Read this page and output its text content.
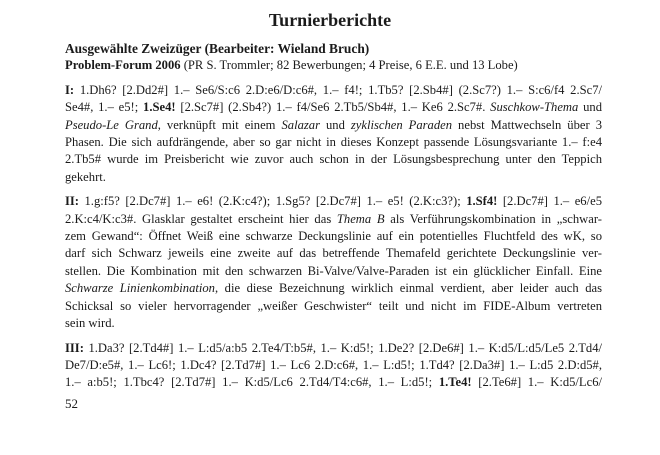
Turnierberichte
Ausgewählte Zweizüger (Bearbeiter: Wieland Bruch)
Problem-Forum 2006 (PR S. Trommler; 82 Bewerbungen; 4 Preise, 6 E.E. und 13 Lobe)
I: 1.Dh6? [2.Dd2#] 1.– Se6/S:c6 2.D:e6/D:c6#, 1.– f4!; 1.Tb5? [2.Sb4#] (2.Sc7?) 1.– S:c6/f4 2.Sc7/
Se4#, 1.– e5!; 1.Se4! [2.Sc7#] (2.Sb4?) 1.– f4/Se6 2.Tb5/Sb4#, 1.– Ke6 2.Sc7#. Suschkow-Thema und
Pseudo-Le Grand, verknüpft mit einem Salazar und zyklischen Paraden nebst Mattwechseln über 3
Phasen. Die sich aufdrängende, aber so gar nicht in dieses Konzept passende Lösungsvariante 1.– f:e4
2.Tb5# wurde im Preisbericht wie zuvor auch schon in der Lösungsbesprechung unter den Teppich
gekehrt.
II: 1.g:f5? [2.Dc7#] 1.– e6! (2.K:c4?); 1.Sg5? [2.Dc7#] 1.– e5! (2.K:c3?); 1.Sf4! [2.Dc7#] 1.– e6/e5
2.K:c4/K:c3#. Glasklar gestaltet erscheint hier das Thema B als Verführungskombination in „schwar-
zem Gewand“: Öffnet Weiß eine schwarze Deckungslinie auf ein potentielles Fluchtfeld des wK, so
darf sich Schwarz jeweils eine zweite auf das betreffende Themafeld gerichtete Deckungslinie ver-
stellen. Die Kombination mit den schwarzen Bi-Valve/Valve-Paraden ist ein glücklicher Einfall. Eine
Schwarze Linienkombination, die diese Bezeichnung wirklich einmal verdient, aber leider auch das
Schicksal so vieler hervorragender „weißer Geschwister“ teilt und nicht im FIDE-Album vertreten
sein wird.
III: 1.Da3? [2.Td4#] 1.– L:d5/a:b5 2.Te4/T:b5#, 1.– K:d5!; 1.De2? [2.De6#] 1.– K:d5/L:d5/Le5 2.Td4/
De7/D:e5#, 1.– Lc6!; 1.Dc4? [2.Td7#] 1.– Lc6 2.D:c6#, 1.– L:d5!; 1.Td4? [2.Da3#] 1.– L:d5 2.D:d5#,
1.– a:b5!; 1.Tbc4? [2.Td7#] 1.– K:d5/Lc6 2.Td4/T4:c6#, 1.– L:d5!; 1.Te4! [2.Te6#] 1.– K:d5/Lc6/
52
